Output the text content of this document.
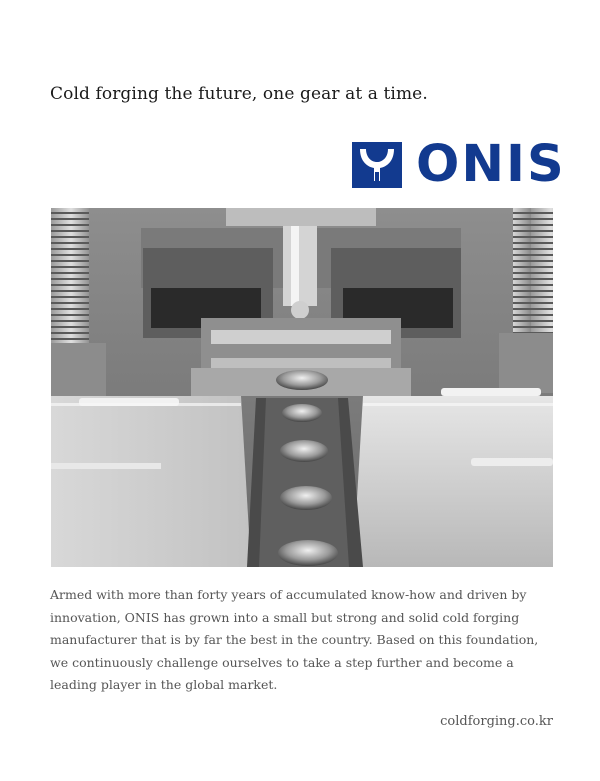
Cold forging the future, one gear at a time.
ONIS

Armed with more than forty years of accumulated know-how and driven by innovation, ONIS has grown into a small but strong and solid cold forging manufacturer that is by far the best in the country. Based on this foundation, we continuously challenge ourselves to take a step further and become a leading player in the global market.

coldforging.co.kr
